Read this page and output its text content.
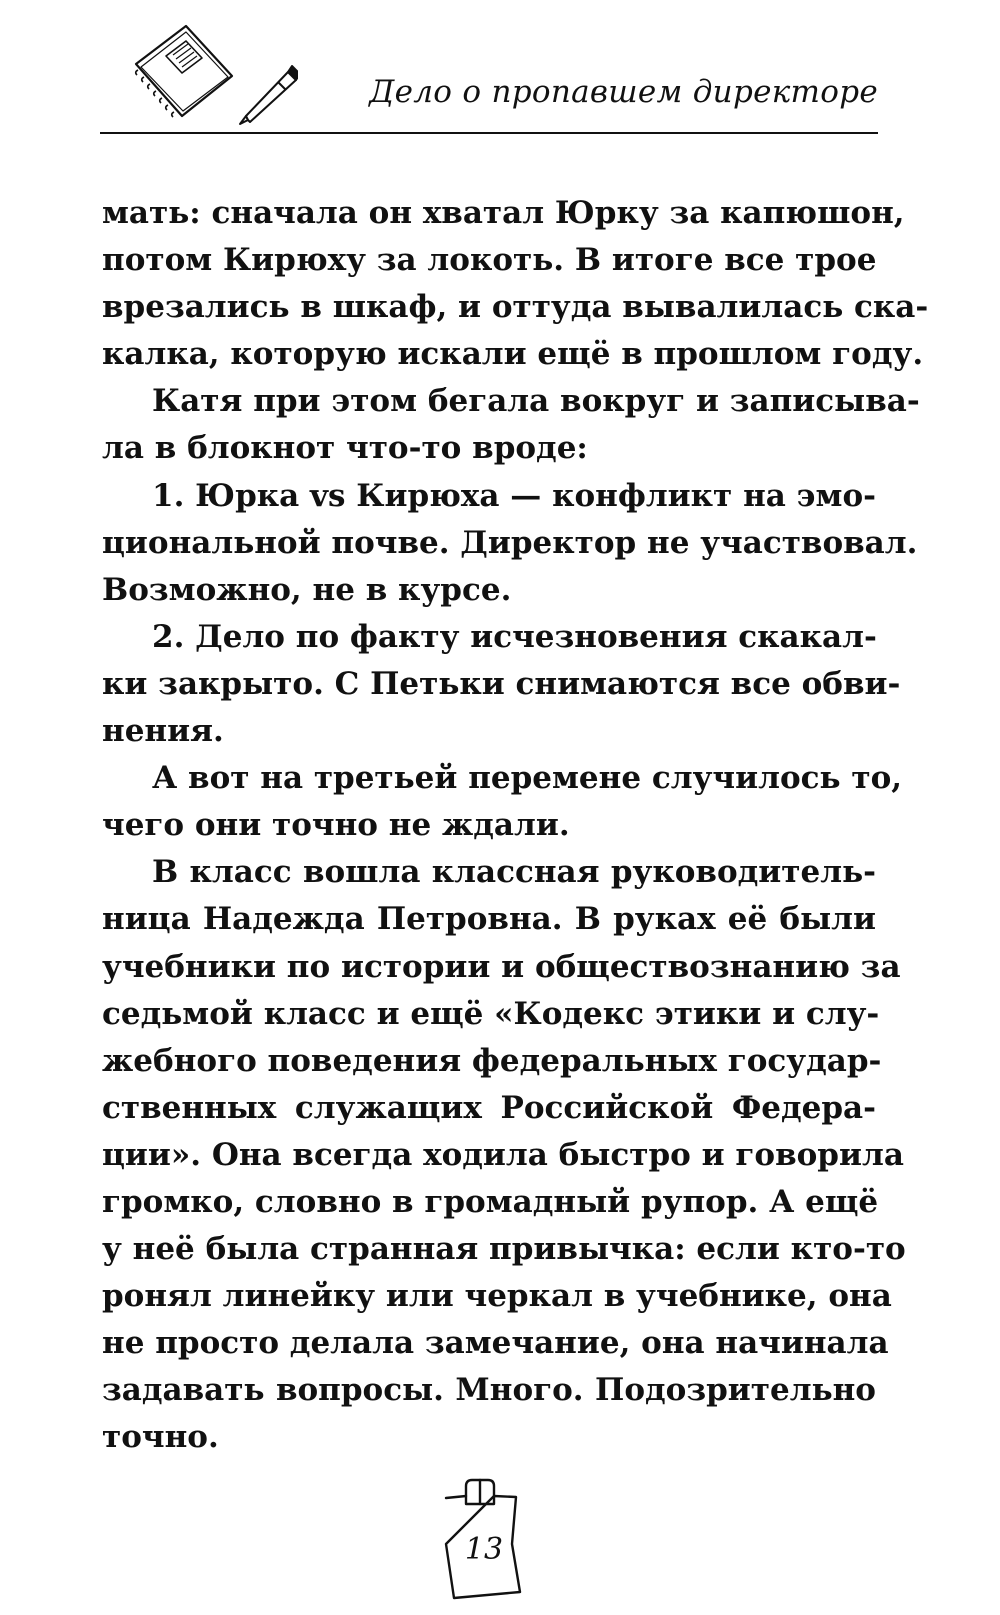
Дело о пропавшем директоре
мать: сначала он хватал Юрку за капюшон,
потом Кирюху за локоть. В итоге все трое
врезались в шкаф, и оттуда вывалилась ска-
калка, которую искали ещё в прошлом году.
Катя при этом бегала вокруг и записыва-
ла в блокнот что-то вроде:
1. Юрка vs Кирюха — конфликт на эмо-
циональной почве. Директор не участвовал.
Возможно, не в курсе.
2. Дело по факту исчезновения скакал-
ки закрыто. С Петьки снимаются все обви-
нения.
А вот на третьей перемене случилось то,
чего они точно не ждали.
В класс вошла классная руководитель-
ница Надежда Петровна. В руках её были
учебники по истории и обществознанию за
седьмой класс и ещё «Кодекс этики и слу-
жебного поведения федеральных государ-
ственных служащих Российской Федера-
ции». Она всегда ходила быстро и говорила
громко, словно в громадный рупор. А ещё
у неё была странная привычка: если кто-то
ронял линейку или черкал в учебнике, она
не просто делала замечание, она начинала
задавать вопросы. Много. Подозрительно
точно.
13
